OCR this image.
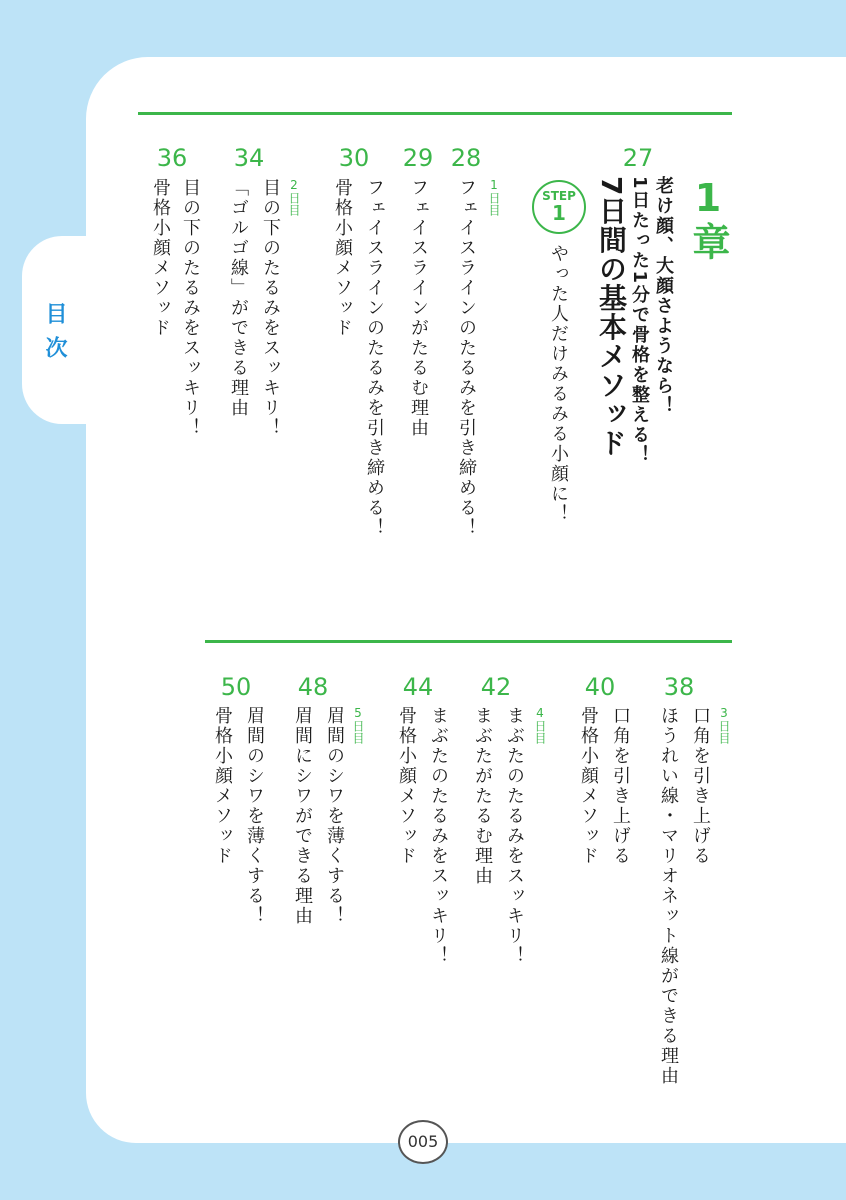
目次
1章
27
老け顔、大顔さようなら！
1日たった1分で骨格を整える！
7日間の基本メソッド
STEP
1
やった人だけみるみる小顔に！
28
1日目
フェイスラインのたるみを引き締める！
29
フェイスラインがたるむ理由
30
フェイスラインのたるみを引き締める！
骨格小顔メソッド
34
2日目
目の下のたるみをスッキリ！
「ゴルゴ線」ができる理由
36
目の下のたるみをスッキリ！
骨格小顔メソッド
38
3日目
口角を引き上げる
ほうれい線・マリオネット線ができる理由
40
口角を引き上げる
骨格小顔メソッド
42
4日目
まぶたのたるみをスッキリ！
まぶたがたるむ理由
44
まぶたのたるみをスッキリ！
骨格小顔メソッド
48
5日目
眉間のシワを薄くする！
眉間にシワができる理由
50
眉間のシワを薄くする！
骨格小顔メソッド
005
